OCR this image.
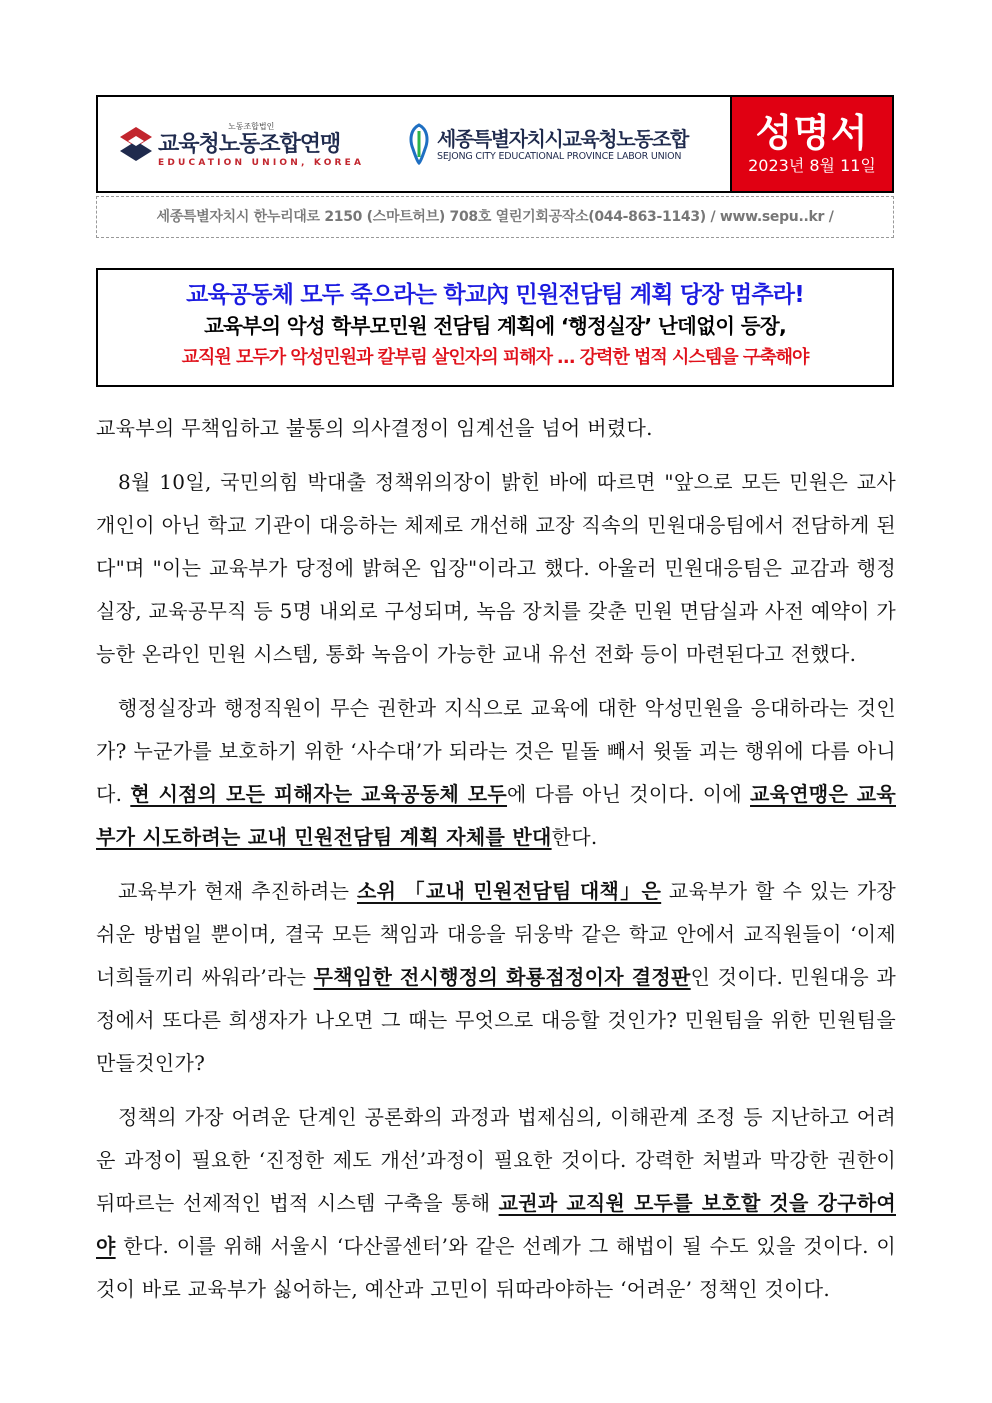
노동조합법인
교육청노동조합연맹
EDUCATION UNION, KOREA
세종특별자치시교육청노동조합
SEJONG CITY EDUCATIONAL PROVINCE LABOR UNION
성명서
2023년 8월 11일
세종특별자치시 한누리대로 2150 (스마트허브) 708호 열린기회공작소(044-863-1143) / www.sepu..kr /
교육공동체 모두 죽으라는 학교內 민원전담팀 계획 당장 멈추라!
교육부의 악성 학부모민원 전담팀 계획에 ‘행정실장’ 난데없이 등장,
교직원 모두가 악성민원과 칼부림 살인자의 피해자 … 강력한 법적 시스템을 구축해야

교육부의 무책임하고 불통의 의사결정이 임계선을 넘어 버렸다.

8월 10일, 국민의힘 박대출 정책위의장이 밝힌 바에 따르면 "앞으로 모든 민원은 교사 개인이 아닌 학교 기관이 대응하는 체제로 개선해 교장 직속의 민원대응팀에서 전담하게 된다"며 "이는 교육부가 당정에 밝혀온 입장"이라고 했다. 아울러 민원대응팀은 교감과 행정실장, 교육공무직 등 5명 내외로 구성되며, 녹음 장치를 갖춘 민원 면담실과 사전 예약이 가능한 온라인 민원 시스템, 통화 녹음이 가능한 교내 유선 전화 등이 마련된다고 전했다.

행정실장과 행정직원이 무슨 권한과 지식으로 교육에 대한 악성민원을 응대하라는 것인가? 누군가를 보호하기 위한 ‘사수대’가 되라는 것은 밑돌 빼서 윗돌 괴는 행위에 다름 아니다. 현 시점의 모든 피해자는 교육공동체 모두에 다름 아닌 것이다. 이에 교육연맹은 교육부가 시도하려는 교내 민원전담팀 계획 자체를 반대한다.

교육부가 현재 추진하려는 소위 「교내 민원전담팀 대책」은 교육부가 할 수 있는 가장 쉬운 방법일 뿐이며, 결국 모든 책임과 대응을 뒤웅박 같은 학교 안에서 교직원들이 ‘이제 너희들끼리 싸워라’라는 무책임한 전시행정의 화룡점정이자 결정판인 것이다. 민원대응 과정에서 또다른 희생자가 나오면 그 때는 무엇으로 대응할 것인가? 민원팀을 위한 민원팀을 만들것인가?

정책의 가장 어려운 단계인 공론화의 과정과 법제심의, 이해관계 조정 등 지난하고 어려운 과정이 필요한 ‘진정한 제도 개선’과정이 필요한 것이다. 강력한 처벌과 막강한 권한이 뒤따르는 선제적인 법적 시스템 구축을 통해 교권과 교직원 모두를 보호할 것을 강구하여야 한다. 이를 위해 서울시 ‘다산콜센터’와 같은 선례가 그 해법이 될 수도 있을 것이다. 이것이 바로 교육부가 싫어하는, 예산과 고민이 뒤따라야하는 ‘어려운’ 정책인 것이다.
